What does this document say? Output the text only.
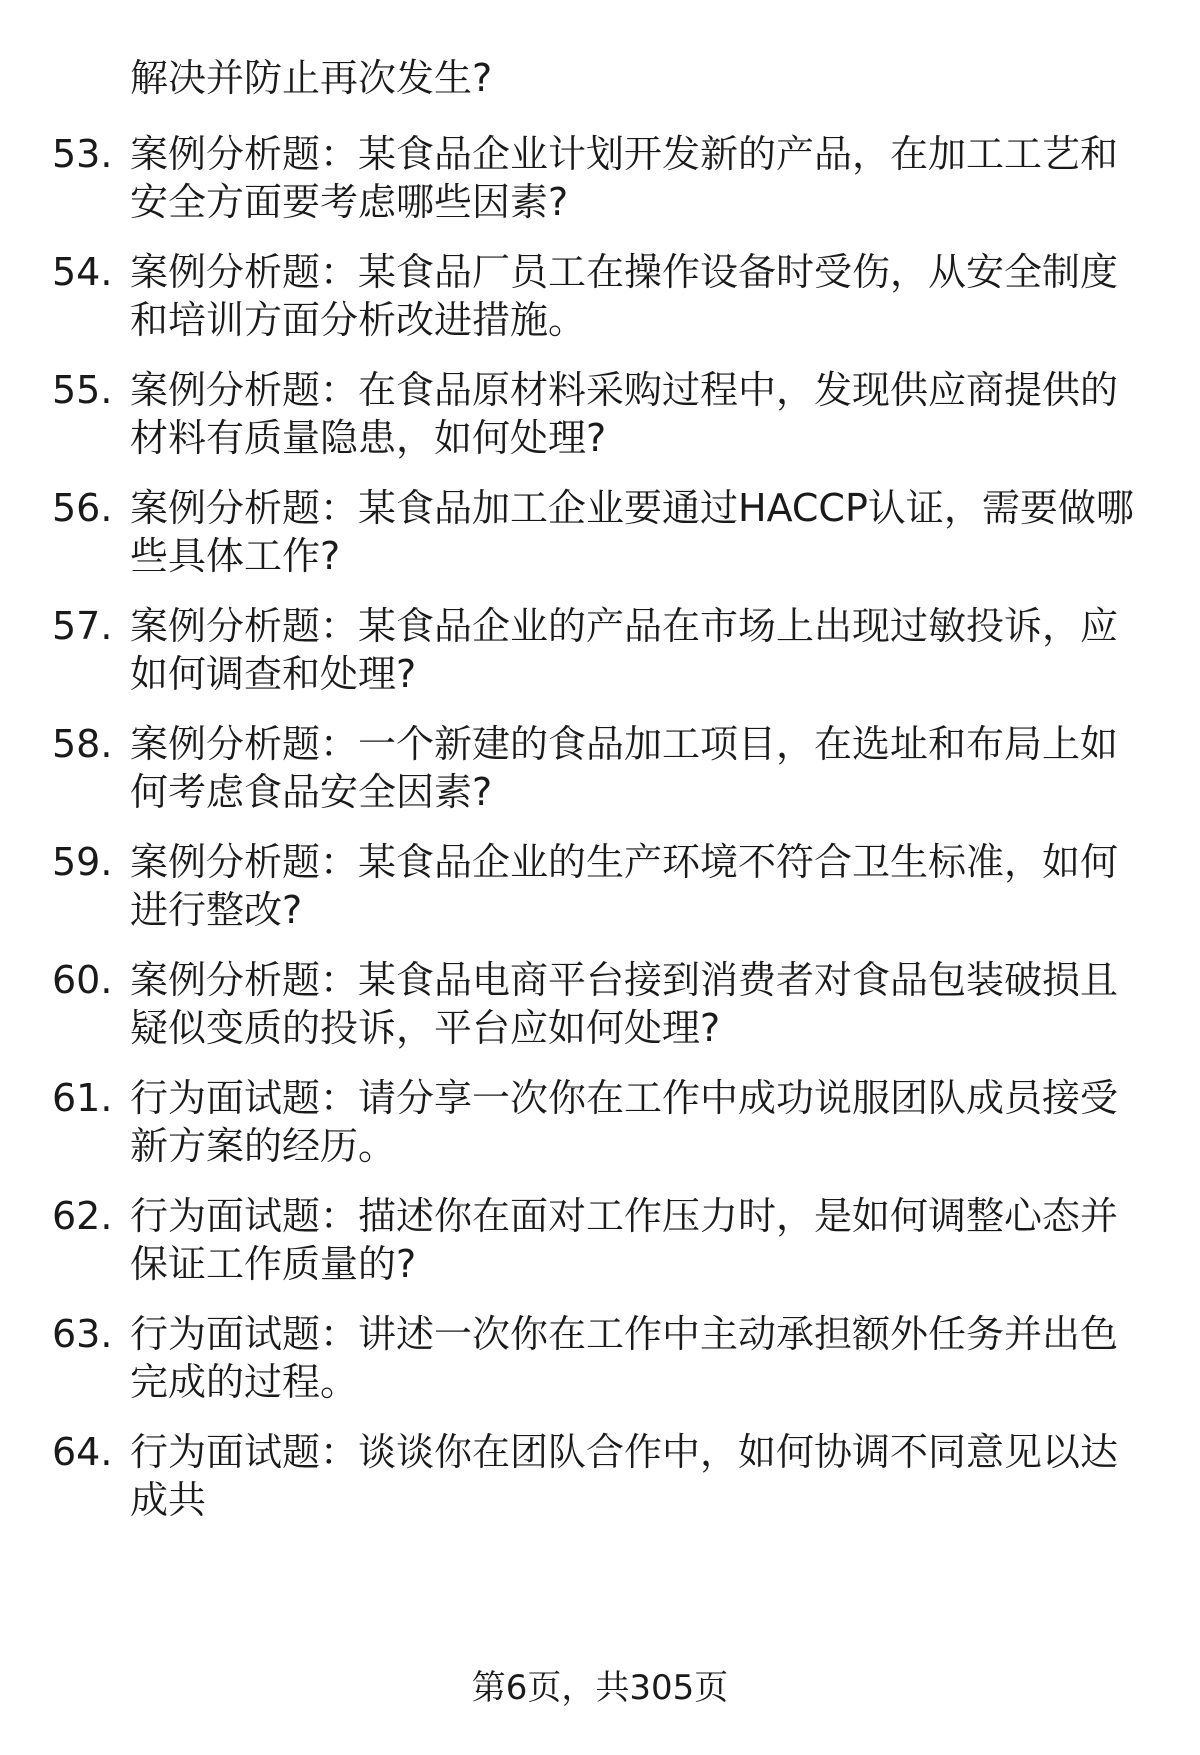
解决并防止再次发生?
53. 案例分析题：某食品企业计划开发新的产品，在加工工艺和安全方面要考虑哪些因素?
54. 案例分析题：某食品厂员工在操作设备时受伤，从安全制度和培训方面分析改进措施。
55. 案例分析题：在食品原材料采购过程中，发现供应商提供的材料有质量隐患，如何处理?
56. 案例分析题：某食品加工企业要通过HACCP认证，需要做哪些具体工作?
57. 案例分析题：某食品企业的产品在市场上出现过敏投诉，应如何调查和处理?
58. 案例分析题：一个新建的食品加工项目，在选址和布局上如何考虑食品安全因素?
59. 案例分析题：某食品企业的生产环境不符合卫生标准，如何进行整改?
60. 案例分析题：某食品电商平台接到消费者对食品包装破损且疑似变质的投诉，平台应如何处理?
61. 行为面试题：请分享一次你在工作中成功说服团队成员接受新方案的经历。
62. 行为面试题：描述你在面对工作压力时，是如何调整心态并保证工作质量的?
63. 行为面试题：讲述一次你在工作中主动承担额外任务并出色完成的过程。
64. 行为面试题：谈谈你在团队合作中，如何协调不同意见以达成共
第6页，共305页
